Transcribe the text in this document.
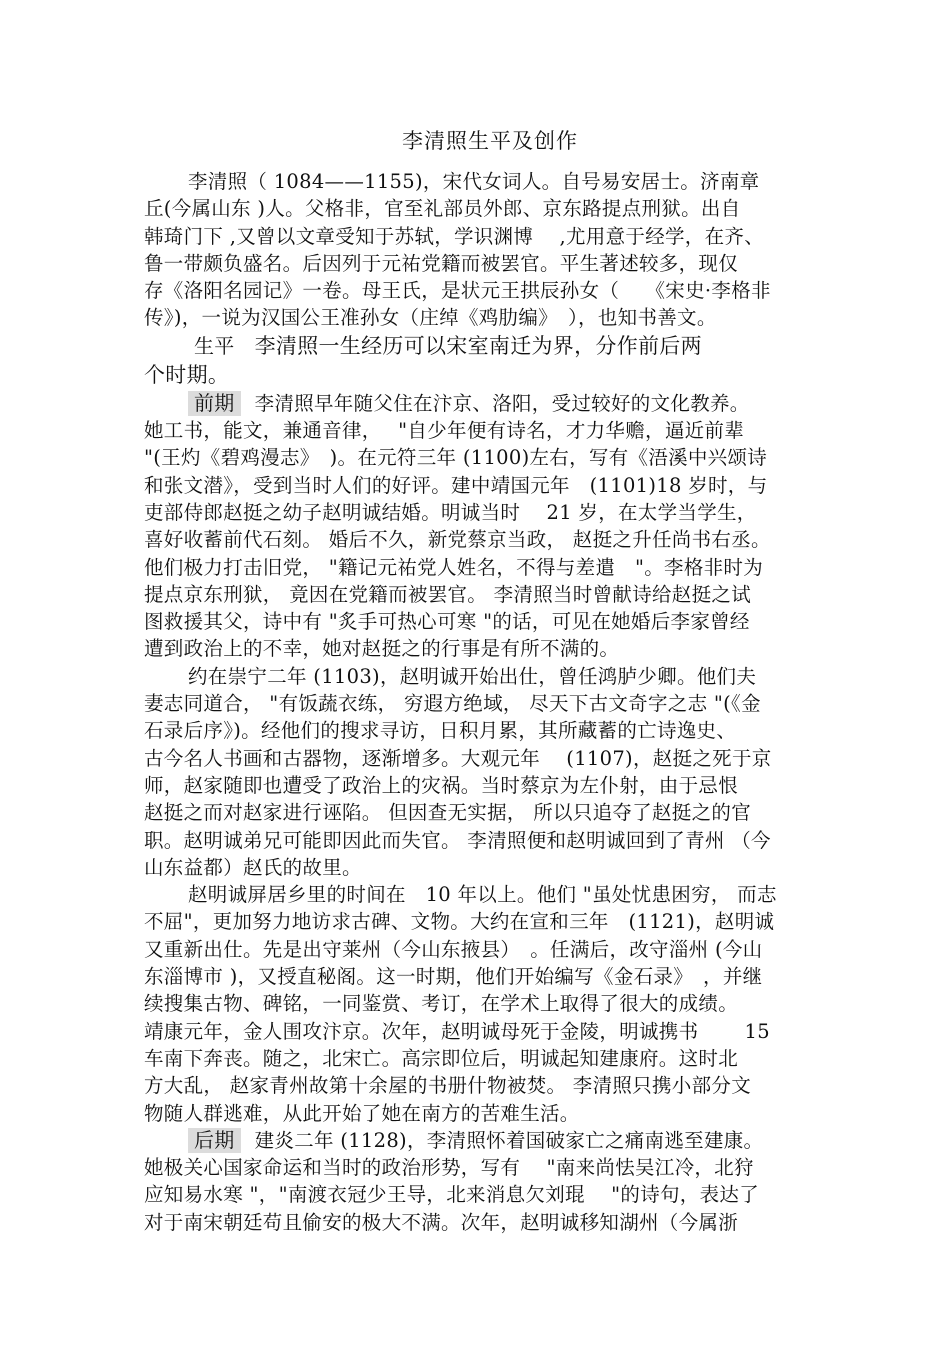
李清照生平及创作
李清照（ 1084——1155)，宋代女词人。自号易安居士。济南章
丘(今属山东 )人。父格非，官至礼部员外郎、京东路提点刑狱。出自
韩琦门下 ,又曾以文章受知于苏轼，学识渊博　 ,尤用意于经学，在齐、
鲁一带颇负盛名。后因列于元祐党籍而被罢官。平生著述较多，现仅
存《洛阳名园记》一卷。母王氏，是状元王拱辰孙女（　 《宋史·李格非
传》)，一说为汉国公王准孙女（庄绰《鸡肋编》　），也知书善文。
生平 李清照一生经历可以宋室南迁为界，分作前后两
个时期。
前期 李清照早年随父住在汴京、洛阳，受过较好的文化教养。
她工书，能文，兼通音律，　 "自少年便有诗名，才力华赡，逼近前辈
"(王灼《碧鸡漫志》　)。在元符三年 (1100)左右，写有《浯溪中兴颂诗
和张文潜》，受到当时人们的好评。建中靖国元年　(1101)18 岁时，与
吏部侍郎赵挺之幼子赵明诚结婚。明诚当时　 21 岁，在太学当学生，
喜好收蓄前代石刻。 婚后不久，新党蔡京当政， 赵挺之升任尚书右丞。
他们极力打击旧党， "籍记元祐党人姓名，不得与差遣　"。李格非时为
提点京东刑狱， 竟因在党籍而被罢官。 李清照当时曾献诗给赵挺之试
图救援其父，诗中有 "炙手可热心可寒 "的话，可见在她婚后李家曾经
遭到政治上的不幸，她对赵挺之的行事是有所不满的。
约在崇宁二年 (1103)，赵明诚开始出仕，曾任鸿胪少卿。他们夫
妻志同道合， "有饭蔬衣练， 穷遐方绝域， 尽天下古文奇字之志 "(《金
石录后序》)。经他们的搜求寻访，日积月累，其所藏蓄的亡诗逸史、
古今名人书画和古器物，逐渐增多。大观元年　 (1107)，赵挺之死于京
师，赵家随即也遭受了政治上的灾祸。当时蔡京为左仆射，由于忌恨
赵挺之而对赵家进行诬陷。 但因查无实据， 所以只追夺了赵挺之的官
职。赵明诚弟兄可能即因此而失官。 李清照便和赵明诚回到了青州 （今
山东益都）赵氏的故里。
赵明诚屏居乡里的时间在　10 年以上。他们 "虽处忧患困穷， 而志
不屈"，更加努力地访求古碑、文物。大约在宣和三年　(1121)，赵明诚
又重新出仕。先是出守莱州（今山东掖县）　。任满后，改守淄州 (今山
东淄博市 )，又授直秘阁。这一时期，他们开始编写《金石录》　，并继
续搜集古物、碑铭，一同鉴赏、考订，在学术上取得了很大的成绩。
靖康元年，金人围攻汴京。次年，赵明诚母死于金陵，明诚携书　　 15
车南下奔丧。随之，北宋亡。高宗即位后，明诚起知建康府。这时北
方大乱， 赵家青州故第十余屋的书册什物被焚。 李清照只携小部分文
物随人群逃难，从此开始了她在南方的苦难生活。
后期 建炎二年 (1128)，李清照怀着国破家亡之痛南逃至建康。
她极关心国家命运和当时的政治形势，写有　 "南来尚怯吴江冷，北狩
应知易水寒 "，"南渡衣冠少王导，北来消息欠刘琨　 "的诗句，表达了
对于南宋朝廷苟且偷安的极大不满。次年，赵明诚移知湖州（今属浙
